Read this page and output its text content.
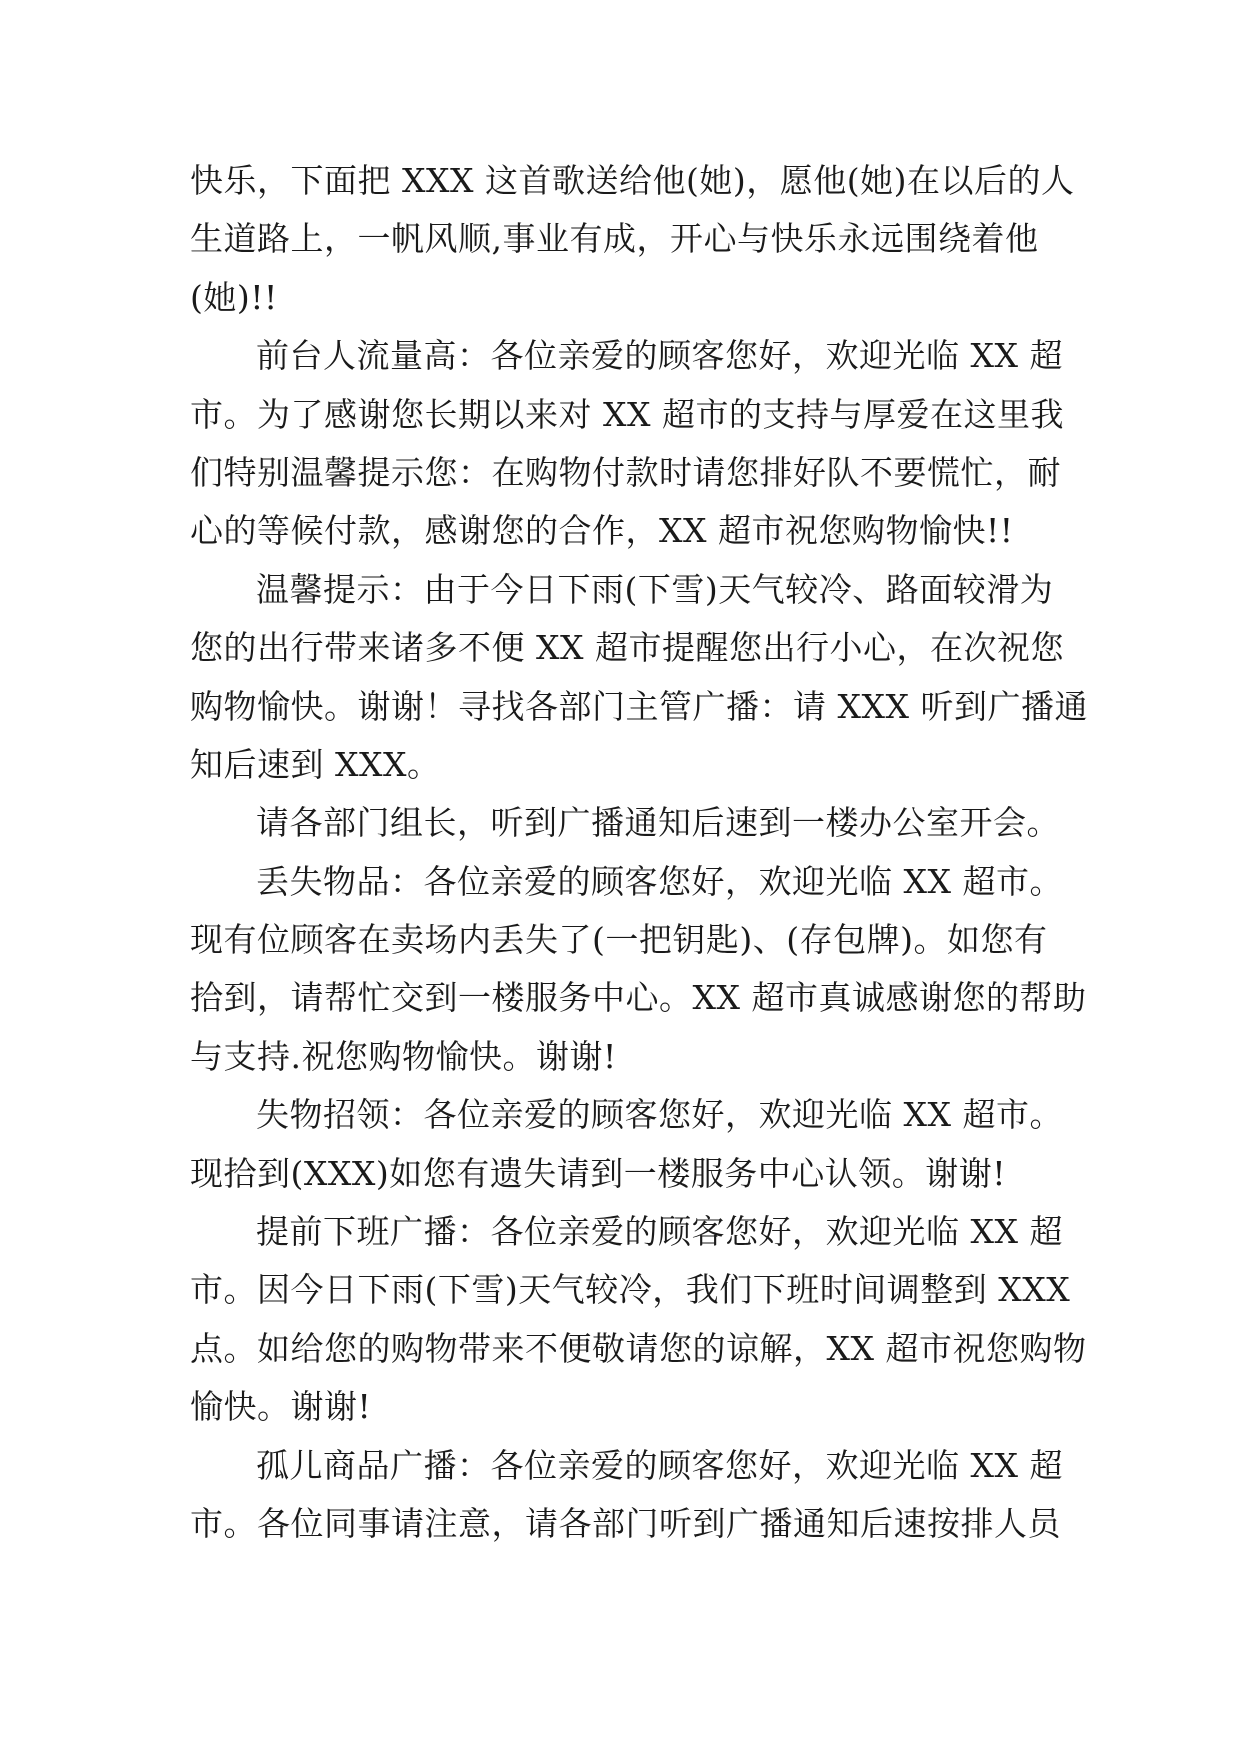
快乐，下面把 XXX 这首歌送给他(她)，愿他(她)在以后的人
生道路上，一帆风顺,事业有成，开心与快乐永远围绕着他
(她)!!
前台人流量高：各位亲爱的顾客您好，欢迎光临 XX 超
市。为了感谢您长期以来对 XX 超市的支持与厚爱在这里我
们特别温馨提示您：在购物付款时请您排好队不要慌忙，耐
心的等候付款，感谢您的合作，XX 超市祝您购物愉快!!
温馨提示：由于今日下雨(下雪)天气较冷、路面较滑为
您的出行带来诸多不便 XX 超市提醒您出行小心，在次祝您
购物愉快。谢谢！寻找各部门主管广播：请 XXX 听到广播通
知后速到 XXX。
请各部门组长，听到广播通知后速到一楼办公室开会。
丢失物品：各位亲爱的顾客您好，欢迎光临 XX 超市。
现有位顾客在卖场内丢失了(一把钥匙)、(存包牌)。如您有
拾到，请帮忙交到一楼服务中心。XX 超市真诚感谢您的帮助
与支持.祝您购物愉快。谢谢!
失物招领：各位亲爱的顾客您好，欢迎光临 XX 超市。
现拾到(XXX)如您有遗失请到一楼服务中心认领。谢谢!
提前下班广播：各位亲爱的顾客您好，欢迎光临 XX 超
市。因今日下雨(下雪)天气较冷，我们下班时间调整到 XXX
点。如给您的购物带来不便敬请您的谅解，XX 超市祝您购物
愉快。谢谢!
孤儿商品广播：各位亲爱的顾客您好，欢迎光临 XX 超
市。各位同事请注意，请各部门听到广播通知后速按排人员
